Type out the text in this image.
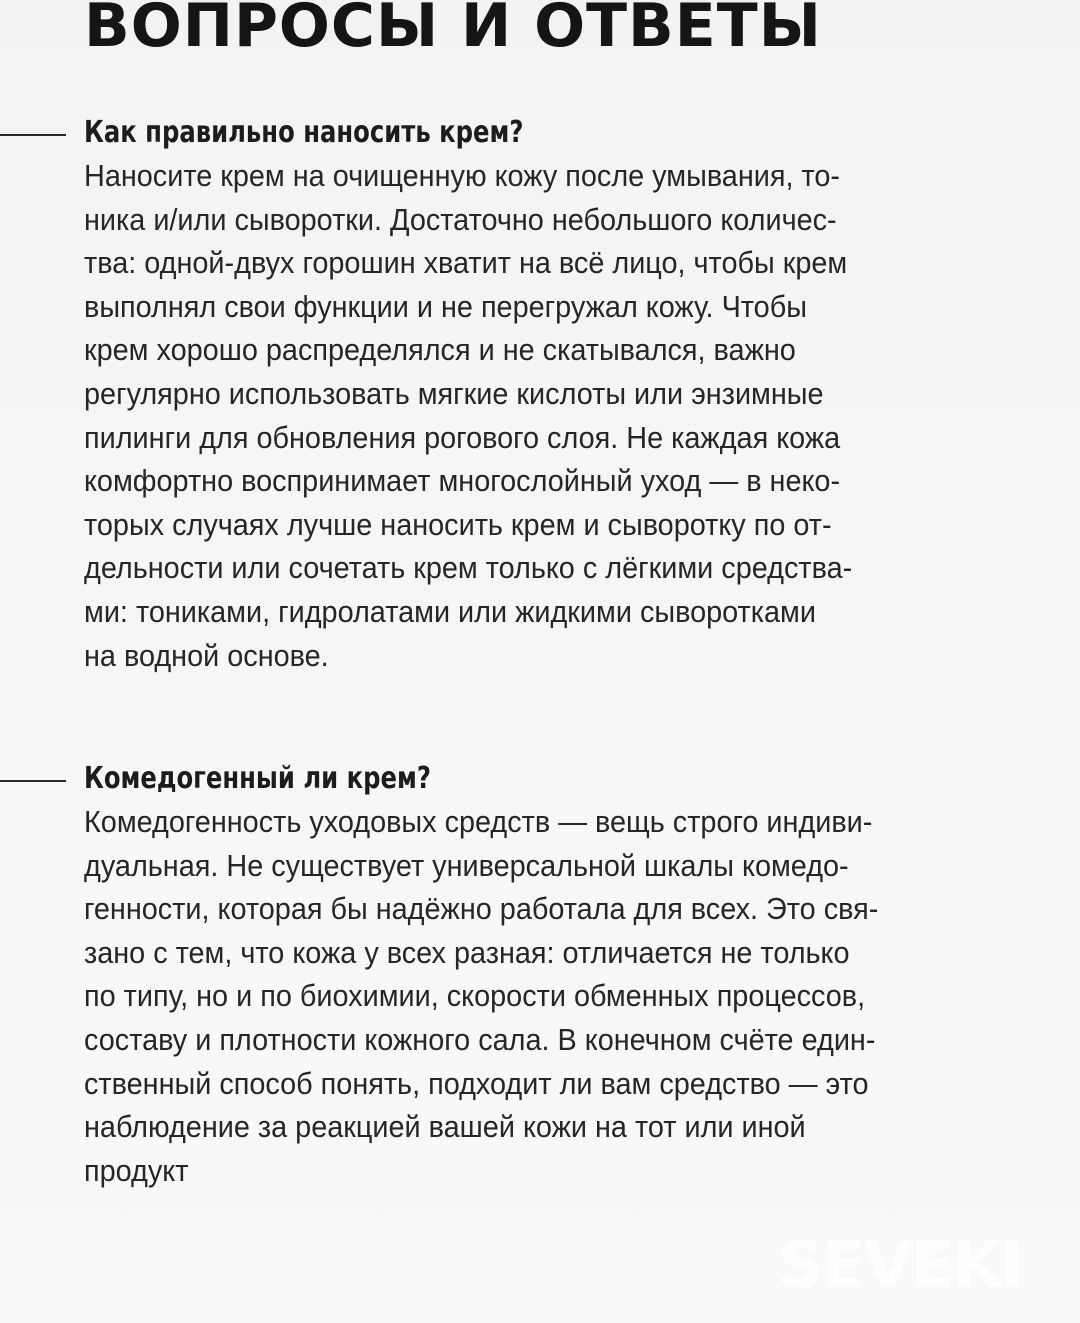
ВОПРОСЫ И ОТВЕТЫ
Как правильно наносить крем?

Наносите крем на очищенную кожу после умывания, то-
ника и/или сыворотки. Достаточно небольшого количес-
тва: одной-двух горошин хватит на всё лицо, чтобы крем
выполнял свои функции и не перегружал кожу. Чтобы
крем хорошо распределялся и не скатывался, важно
регулярно использовать мягкие кислоты или энзимные
пилинги для обновления рогового слоя. Не каждая кожа
комфортно воспринимает многослойный уход — в неко-
торых случаях лучше наносить крем и сыворотку по от-
дельности или сочетать крем только с лёгкими средства-
ми: тониками, гидролатами или жидкими сыворотками
на водной основе.

Комедогенный ли крем?

Комедогенность уходовых средств — вещь строго индиви-
дуальная. Не существует универсальной шкалы комедо-
генности, которая бы надёжно работала для всех. Это свя-
зано с тем, что кожа у всех разная: отличается не только
по типу, но и по биохимии, скорости обменных процессов,
составу и плотности кожного сала. В конечном счёте един-
ственный способ понять, подходит ли вам средство — это
наблюдение за реакцией вашей кожи на тот или иной
продукт

SEVEKI
